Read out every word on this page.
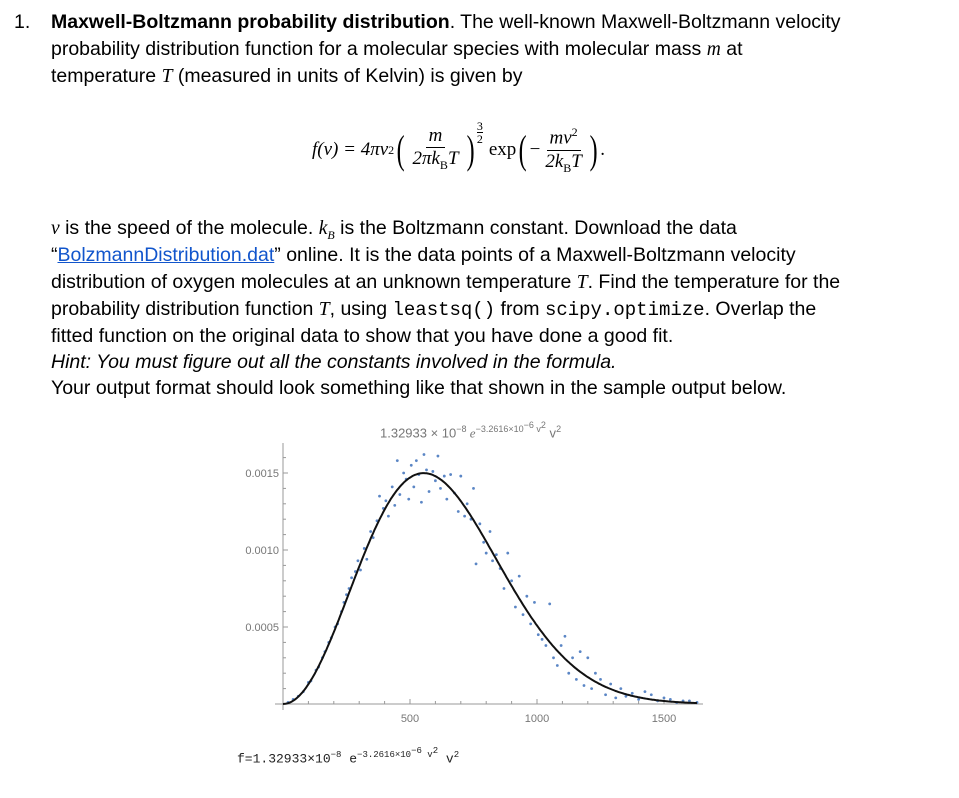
1. Maxwell-Boltzmann probability distribution. The well-known Maxwell-Boltzmann velocity
probability distribution function for a molecular species with molecular mass m at
temperature T (measured in units of Kelvin) is given by
f(v) = 4πv 2 ( $\frac{m}{2\pi k_BT}$ )
3
2 exp ( − $\frac{mv^2}{2k_BT}$ ) .
v is the speed of the molecule. $k_B$ is the Boltzmann constant. Download the data
“BolzmannDistribution.dat” online. It is the data points of a Maxwell-Boltzmann velocity
distribution of oxygen molecules at an unknown temperature T. Find the temperature for the
probability distribution function T, using leastsq() from scipy.optimize. Overlap the
fitted function on the original data to show that you have done a good fit.
Hint: You must figure out all the constants involved in the formula.
Your output format should look something like that shown in the sample output below.
$1.32933 \times 10^{-8}$ $e^{-3.2616\times 10^{-6} v^2}$ $v^2$
500	1000	1500
0.0005
0.0010
0.0015
$f=1.32933\times 10^{-8}$ $e^{-3.2616\times 10^{-6} v^2}$ $v^2$
